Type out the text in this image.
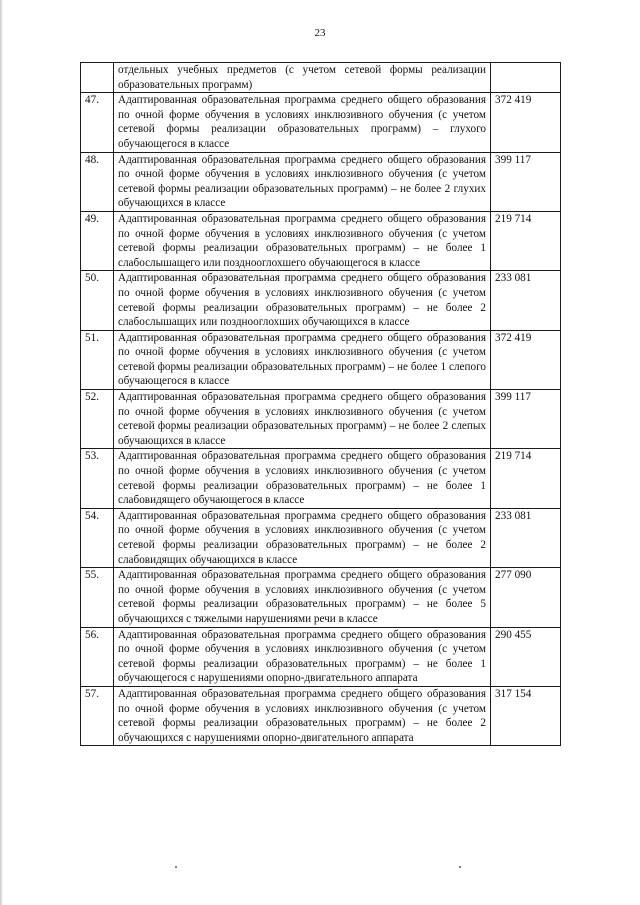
23
	отдельных учебных предметов (с учетом сетевой формы реализации образовательных программ)	
47.	Адаптированная образовательная программа среднего общего образования по очной форме обучения в условиях инклюзивного обучения (с учетом сетевой формы реализации образовательных программ) – глухого обучающегося в классе	372 419
48.	Адаптированная образовательная программа среднего общего образования по очной форме обучения в условиях инклюзивного обучения (с учетом сетевой формы реализации образовательных программ) – не более 2 глухих обучающихся в классе	399 117
49.	Адаптированная образовательная программа среднего общего образования по очной форме обучения в условиях инклюзивного обучения (с учетом сетевой формы реализации образовательных программ) – не более 1 слабослышащего или позднооглохшего обучающегося в классе	219 714
50.	Адаптированная образовательная программа среднего общего образования по очной форме обучения в условиях инклюзивного обучения (с учетом сетевой формы реализации образовательных программ) – не более 2 слабослышащих или позднооглохших обучающихся в классе	233 081
51.	Адаптированная образовательная программа среднего общего образования по очной форме обучения в условиях инклюзивного обучения (с учетом сетевой формы реализации образовательных программ) – не более 1 слепого обучающегося в классе	372 419
52.	Адаптированная образовательная программа среднего общего образования по очной форме обучения в условиях инклюзивного обучения (с учетом сетевой формы реализации образовательных программ) – не более 2 слепых обучающихся в классе	399 117
53.	Адаптированная образовательная программа среднего общего образования по очной форме обучения в условиях инклюзивного обучения (с учетом сетевой формы реализации образовательных программ) – не более 1 слабовидящего обучающегося в классе	219 714
54.	Адаптированная образовательная программа среднего общего образования по очной форме обучения в условиях инклюзивного обучения (с учетом сетевой формы реализации образовательных программ) – не более 2 слабовидящих обучающихся в классе	233 081
55.	Адаптированная образовательная программа среднего общего образования по очной форме обучения в условиях инклюзивного обучения (с учетом сетевой формы реализации образовательных программ) – не более 5 обучающихся с тяжелыми нарушениями речи в классе	277 090
56.	Адаптированная образовательная программа среднего общего образования по очной форме обучения в условиях инклюзивного обучения (с учетом сетевой формы реализации образовательных программ) – не более 1 обучающегося с нарушениями опорно-двигательного аппарата	290 455
57.	Адаптированная образовательная программа среднего общего образования по очной форме обучения в условиях инклюзивного обучения (с учетом сетевой формы реализации образовательных программ) – не более 2 обучающихся с нарушениями опорно-двигательного аппарата	317 154
